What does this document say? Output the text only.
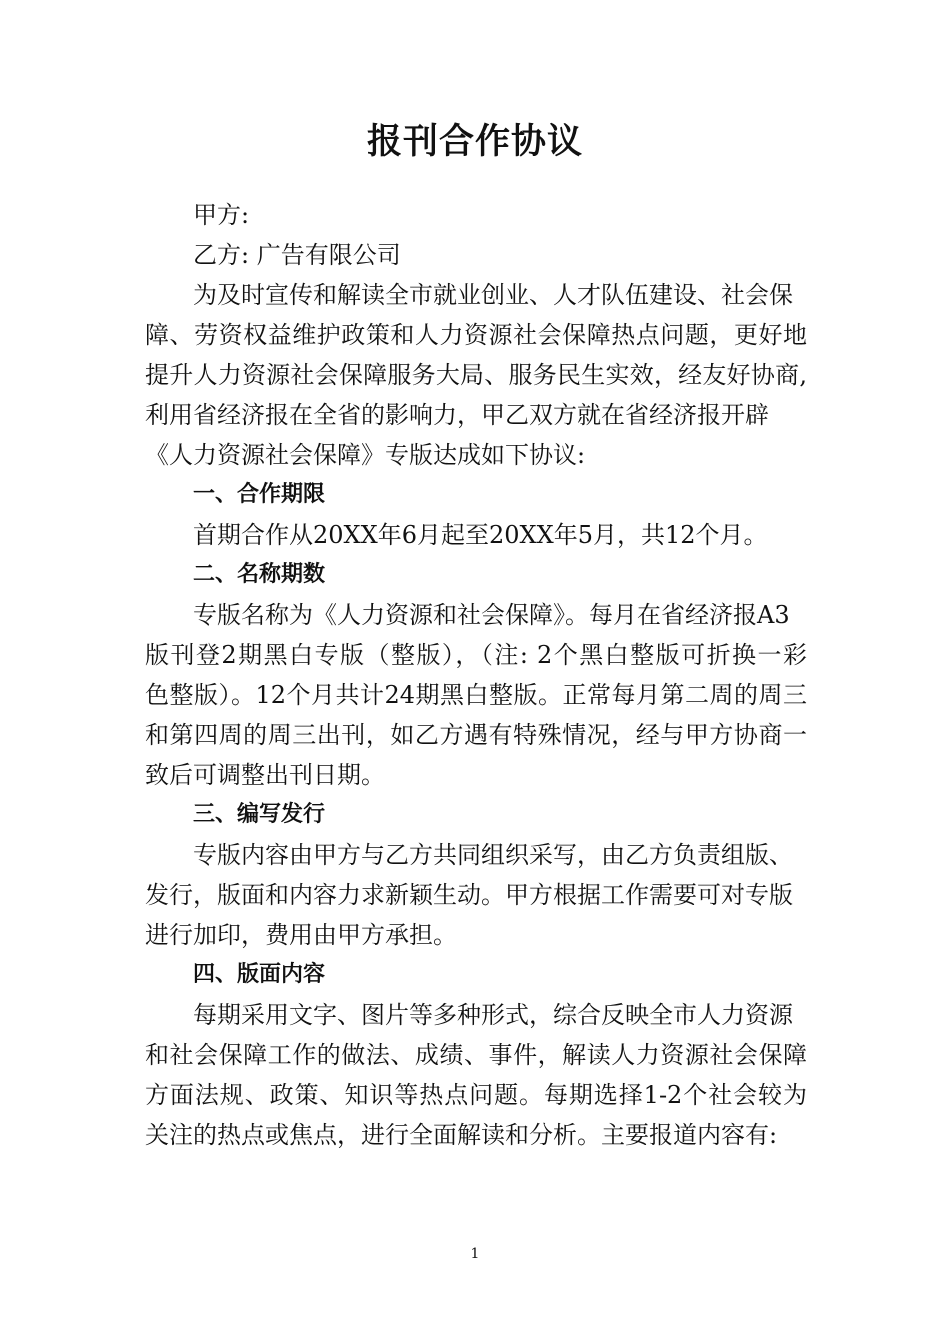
报刊合作协议
甲方:
乙方: 广告有限公司
为及时宣传和解读全市就业创业、人才队伍建设、社会保
障、劳资权益维护政策和人力资源社会保障热点问题，更好地
提升人力资源社会保障服务大局、服务民生实效，经友好协商,
利用省经济报在全省的影响力，甲乙双方就在省经济报开辟
《人力资源社会保障》专版达成如下协议:
一、合作期限
首期合作从20XX年6月起至20XX年5月，共12个月。
二、名称期数
专版名称为《人力资源和社会保障》。每月在省经济报A3
版刊登2期黑白专版（整版），（注: 2个黑白整版可折换一彩
色整版）。12个月共计24期黑白整版。正常每月第二周的周三
和第四周的周三出刊，如乙方遇有特殊情况，经与甲方协商一
致后可调整出刊日期。
三、编写发行
专版内容由甲方与乙方共同组织采写，由乙方负责组版、
发行，版面和内容力求新颖生动。甲方根据工作需要可对专版
进行加印，费用由甲方承担。
四、版面内容
每期采用文字、图片等多种形式，综合反映全市人力资源
和社会保障工作的做法、成绩、事件，解读人力资源社会保障
方面法规、政策、知识等热点问题。每期选择1-2个社会较为
关注的热点或焦点，进行全面解读和分析。主要报道内容有:
1
